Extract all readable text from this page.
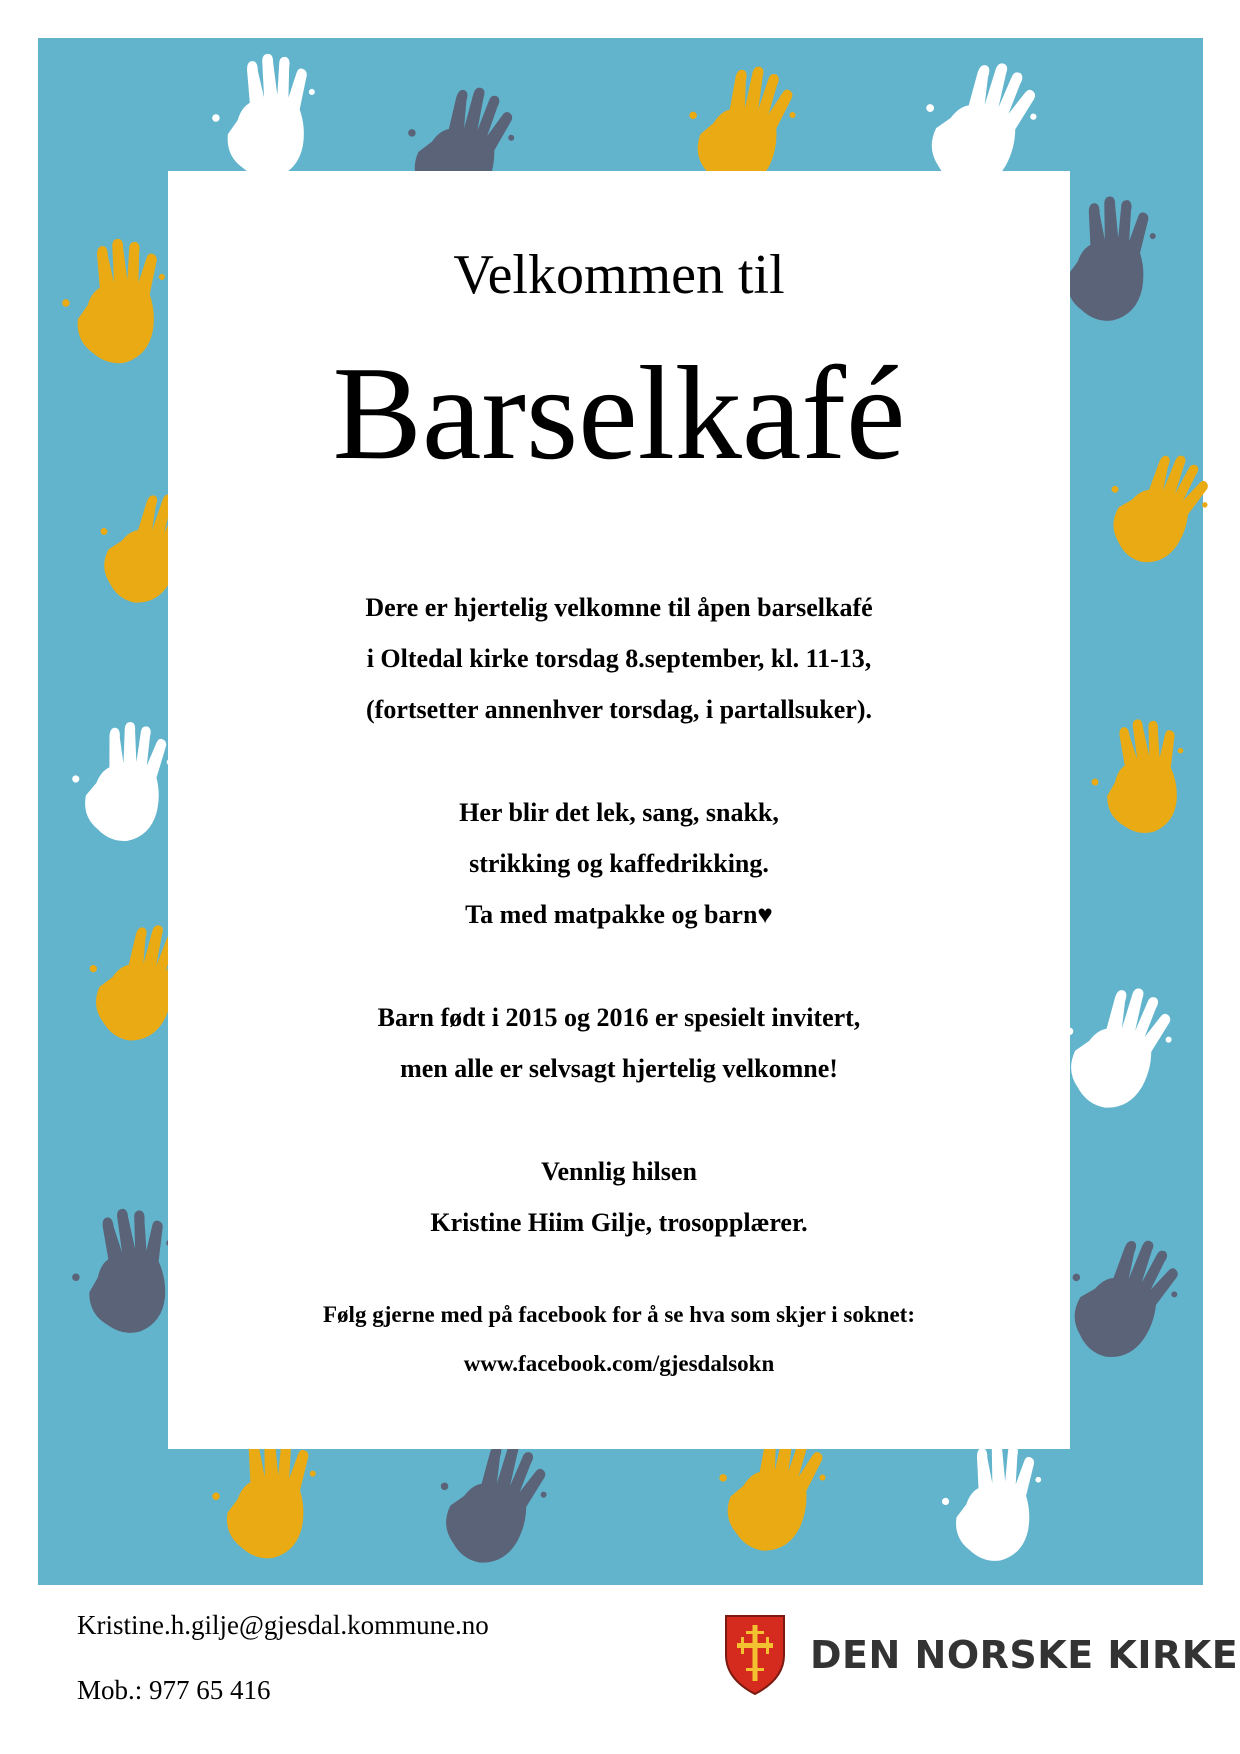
Velkommen til
Barselkafé

Dere er hjertelig velkomne til åpen barselkafé
i Oltedal kirke torsdag 8.september, kl. 11-13,
(fortsetter annenhver torsdag, i partallsuker).

Her blir det lek, sang, snakk,
strikking og kaffedrikking.
Ta med matpakke og barn♥

Barn født i 2015 og 2016 er spesielt invitert,
men alle er selvsagt hjertelig velkomne!

Vennlig hilsen
Kristine Hiim Gilje, trosopplærer.

Følg gjerne med på facebook for å se hva som skjer i soknet:
www.facebook.com/gjesdalsokn

Kristine.h.gilje@gjesdal.kommune.no
Mob.: 977 65 416
DEN NORSKE KIRKE
